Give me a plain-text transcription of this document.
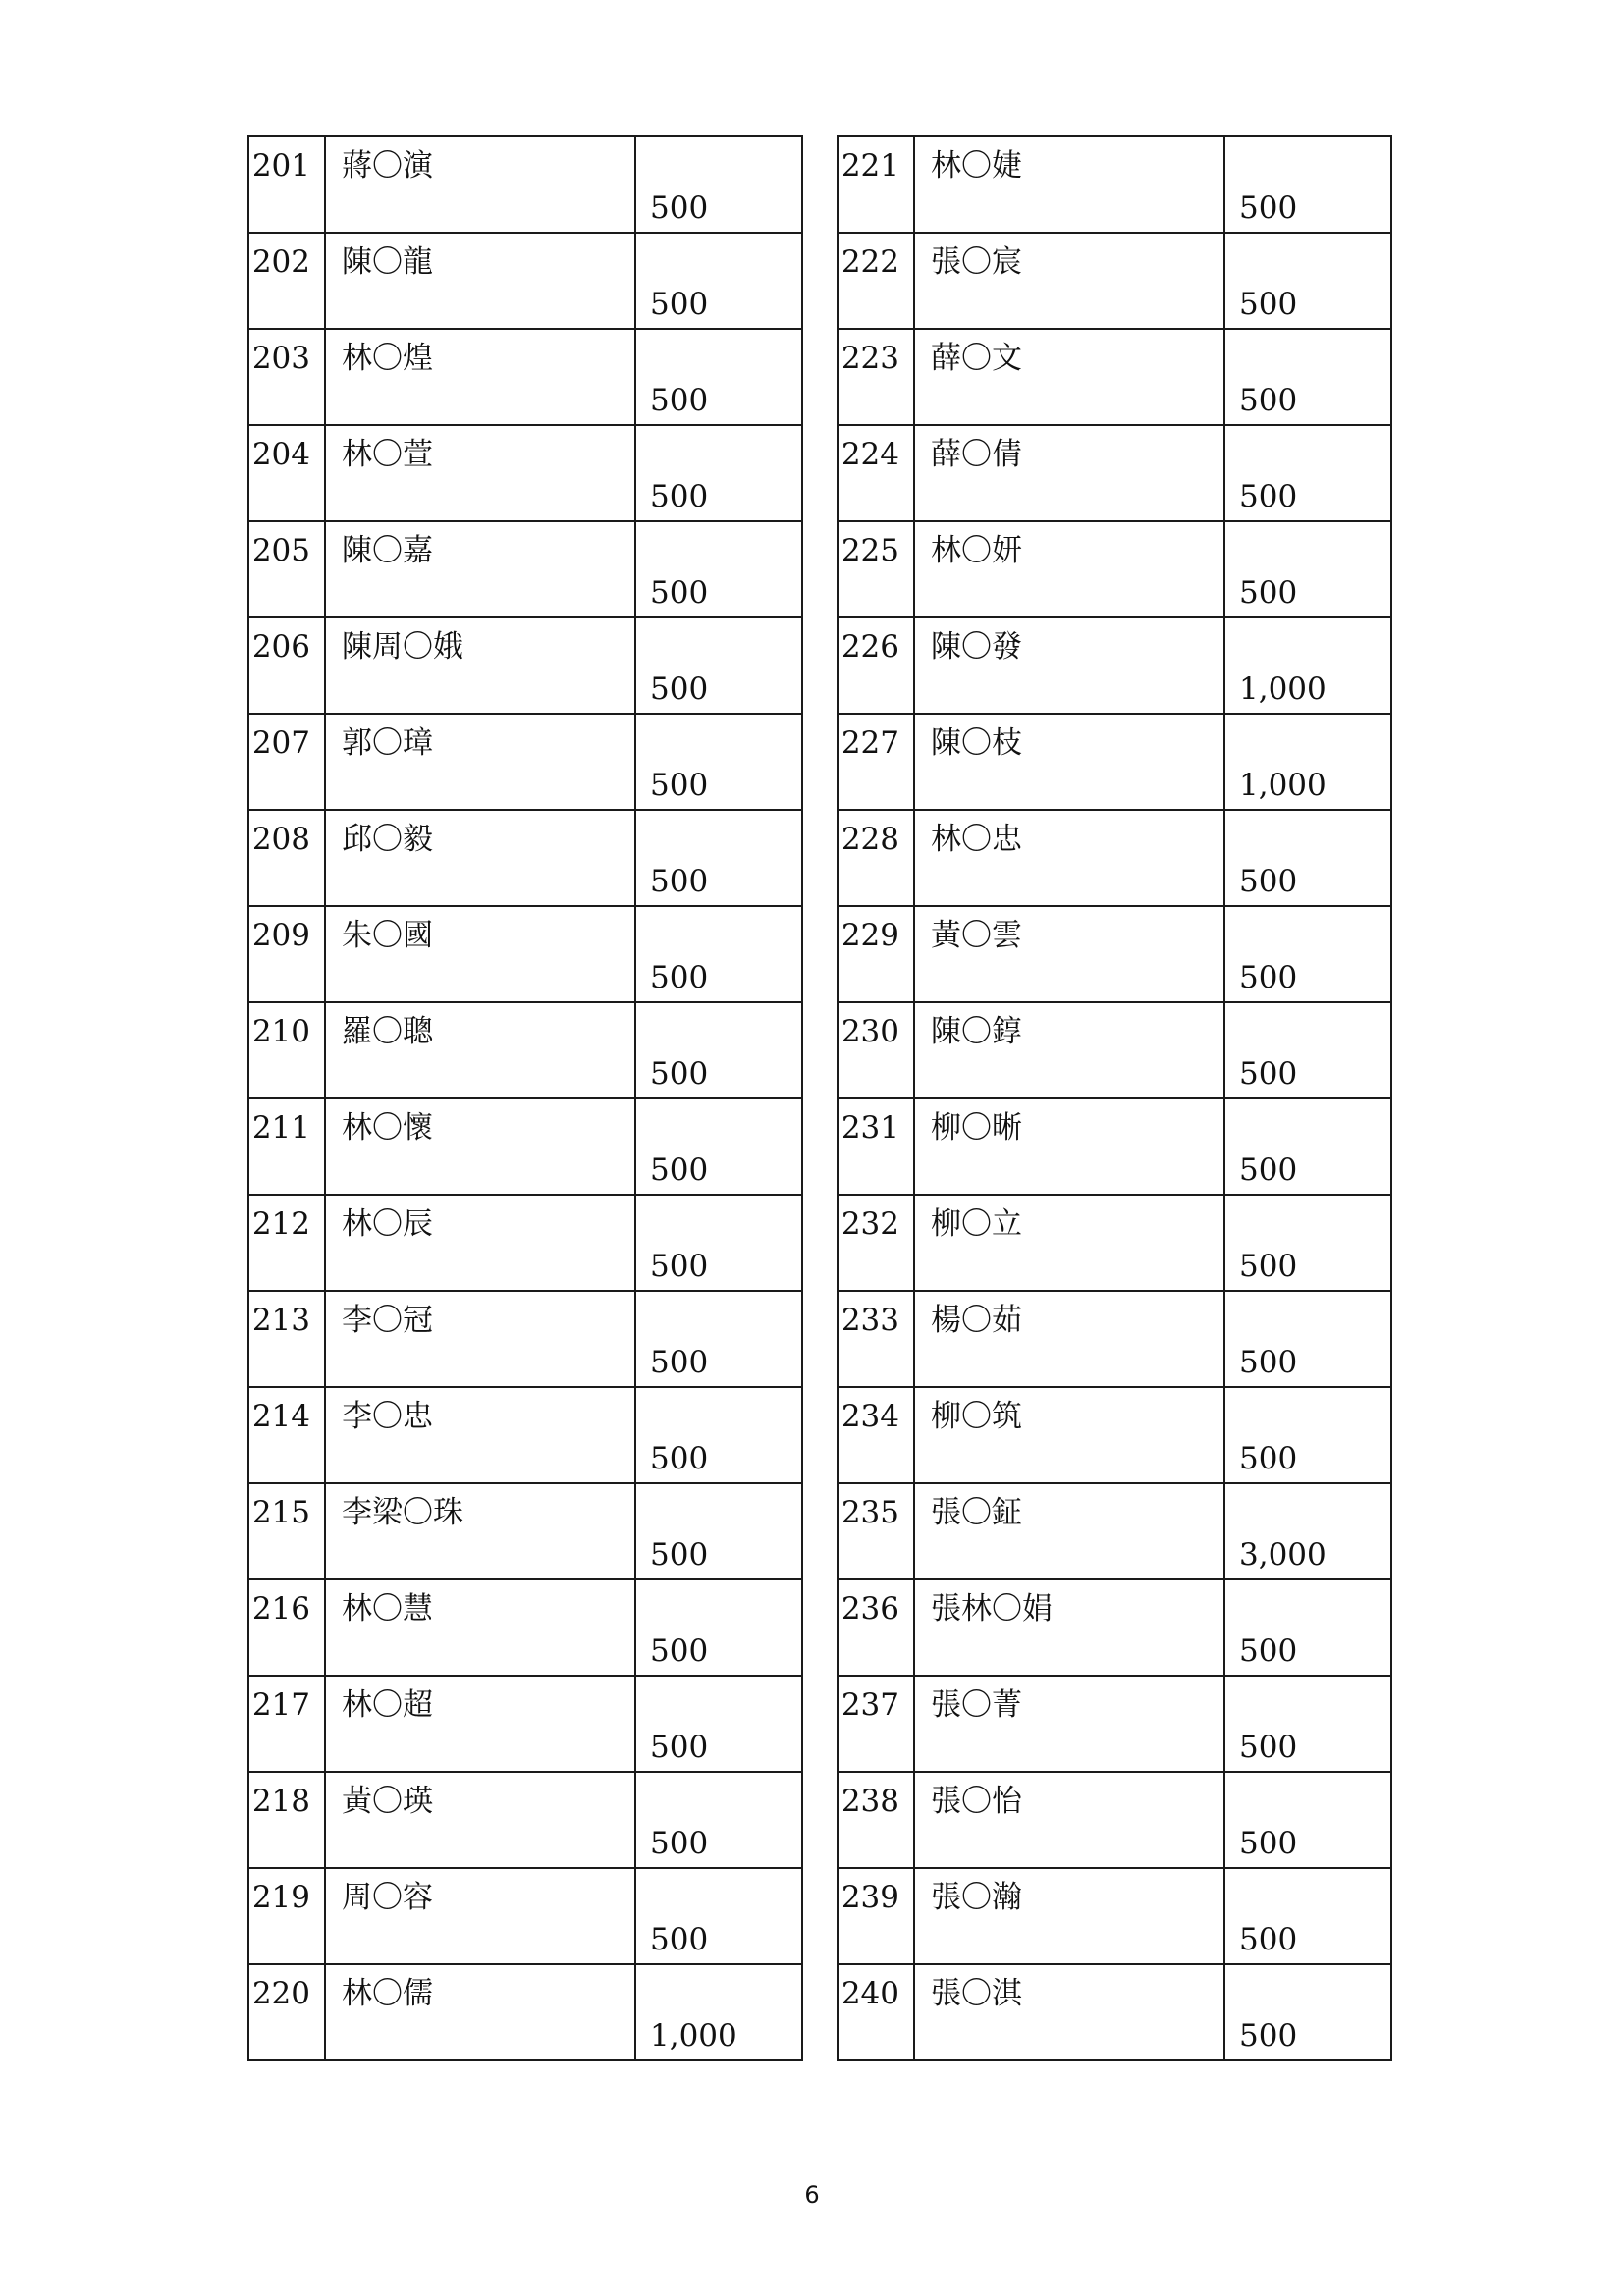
201	蔣〇演	500
202	陳〇龍	500
203	林〇煌	500
204	林〇萱	500
205	陳〇嘉	500
206	陳周〇娥	500
207	郭〇璋	500
208	邱〇毅	500
209	朱〇國	500
210	羅〇聰	500
211	林〇懷	500
212	林〇辰	500
213	李〇冠	500
214	李〇忠	500
215	李梁〇珠	500
216	林〇慧	500
217	林〇超	500
218	黃〇瑛	500
219	周〇容	500
220	林〇儒	1,000
221	林〇婕	500
222	張〇宸	500
223	薛〇文	500
224	薛〇倩	500
225	林〇妍	500
226	陳〇發	1,000
227	陳〇枝	1,000
228	林〇忠	500
229	黃〇雲	500
230	陳〇錞	500
231	柳〇晰	500
232	柳〇立	500
233	楊〇茹	500
234	柳〇筑	500
235	張〇鉦	3,000
236	張林〇娟	500
237	張〇菁	500
238	張〇怡	500
239	張〇瀚	500
240	張〇淇	500
6
